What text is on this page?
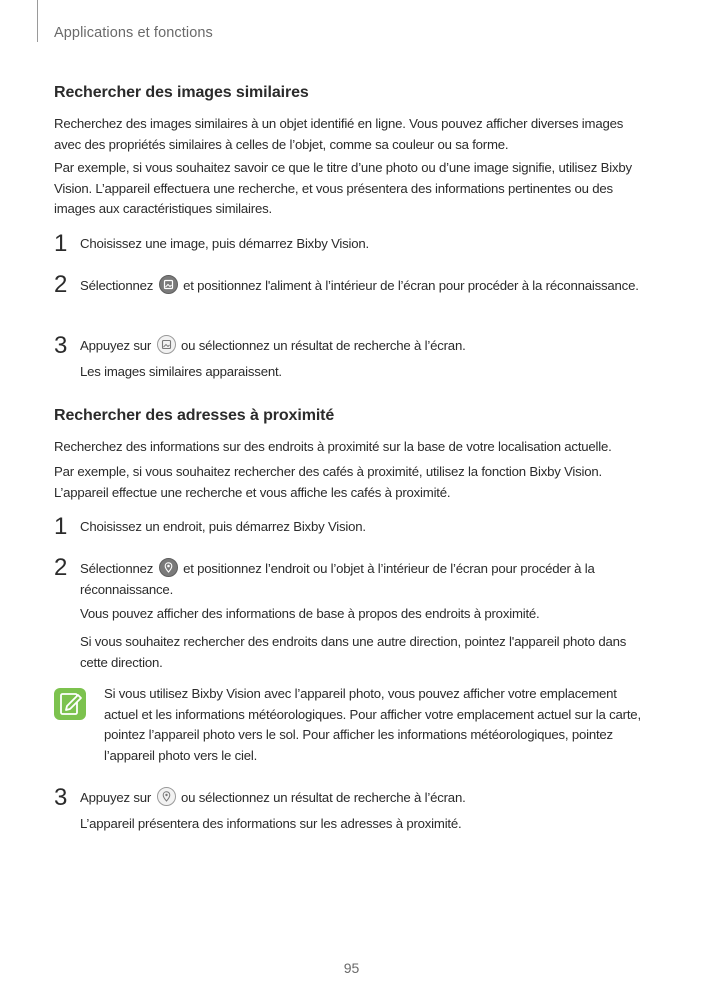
Applications et fonctions
Rechercher des images similaires

Recherchez des images similaires à un objet identifié en ligne. Vous pouvez afficher diverses images avec des propriétés similaires à celles de l’objet, comme sa couleur ou sa forme.

Par exemple, si vous souhaitez savoir ce que le titre d’une photo ou d’une image signifie, utilisez Bixby Vision. L’appareil effectuera une recherche, et vous présentera des informations pertinentes ou des images aux caractéristiques similaires.

1 Choisissez une image, puis démarrez Bixby Vision.

2 Sélectionnez et positionnez l'aliment à l’intérieur de l’écran pour procéder à la réconnaissance.

3 Appuyez sur ou sélectionnez un résultat de recherche à l’écran.

Les images similaires apparaissent.

Rechercher des adresses à proximité

Recherchez des informations sur des endroits à proximité sur la base de votre localisation actuelle.

Par exemple, si vous souhaitez rechercher des cafés à proximité, utilisez la fonction Bixby Vision. L’appareil effectue une recherche et vous affiche les cafés à proximité.

1 Choisissez un endroit, puis démarrez Bixby Vision.

2 Sélectionnez et positionnez l’endroit ou l’objet à l’intérieur de l’écran pour procéder à la réconnaissance.

Vous pouvez afficher des informations de base à propos des endroits à proximité.

Si vous souhaitez rechercher des endroits dans une autre direction, pointez l'appareil photo dans cette direction.

Si vous utilisez Bixby Vision avec l’appareil photo, vous pouvez afficher votre emplacement actuel et les informations météorologiques. Pour afficher votre emplacement actuel sur la carte, pointez l’appareil photo vers le sol. Pour afficher les informations météorologiques, pointez l’appareil photo vers le ciel.

3 Appuyez sur ou sélectionnez un résultat de recherche à l’écran.

L’appareil présentera des informations sur les adresses à proximité.

95
